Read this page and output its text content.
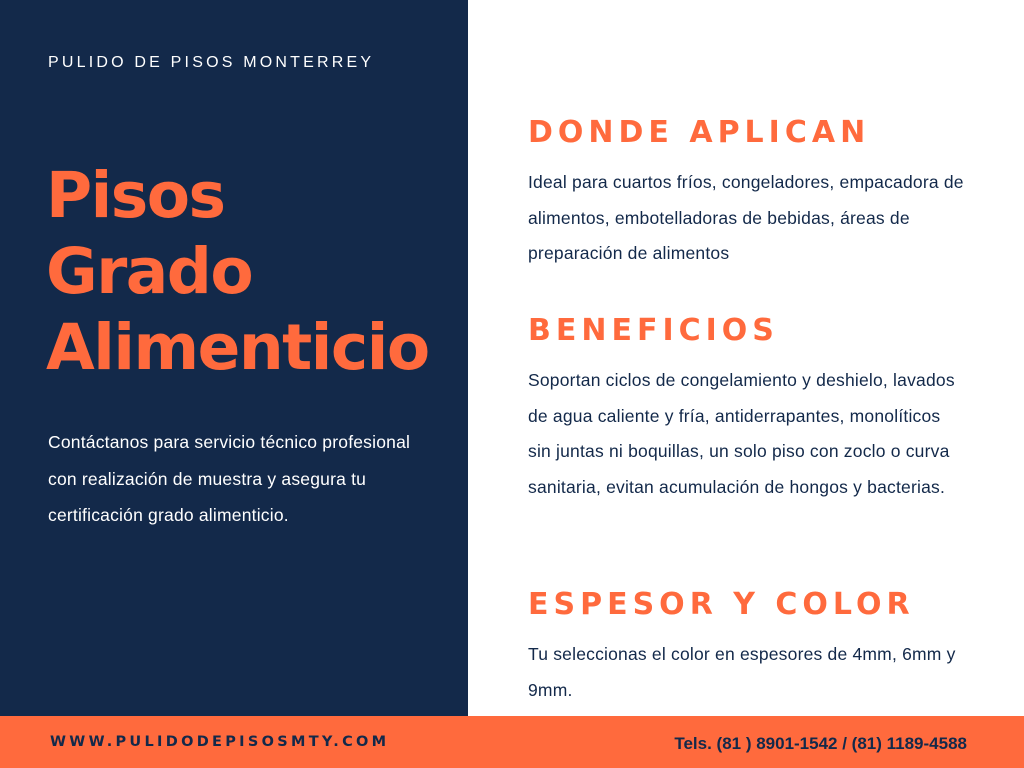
PULIDO DE PISOS MONTERREY
Pisos
Grado
Alimenticio

Contáctanos para servicio técnico profesional con realización de muestra y asegura tu certificación grado alimenticio.

DONDE APLICAN

Ideal para cuartos fríos, congeladores, empacadora de alimentos, embotelladoras de bebidas, áreas de preparación de alimentos

BENEFICIOS

Soportan ciclos de congelamiento y deshielo, lavados de agua caliente y fría, antiderrapantes, monolíticos sin juntas ni boquillas, un solo piso con zoclo o curva sanitaria, evitan acumulación de hongos y bacterias.

ESPESOR Y COLOR

Tu seleccionas el color en espesores de 4mm, 6mm y 9mm.

WWW.PULIDODEPISOSMTY.COM	Tels. (81 ) 8901-1542 / (81) 1189-4588
